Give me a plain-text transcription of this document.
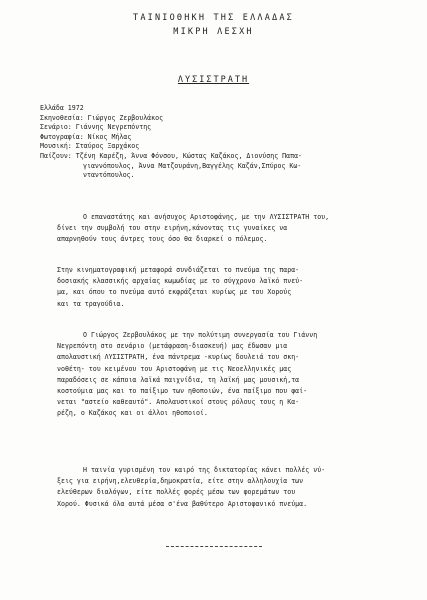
ΤΑΙΝΙΟΘΗΚΗ ΤΗΣ ΕΛΛΑΔΑΣ
ΜΙΚΡΗ ΛΕΣΧΗ
ΛΥΣΙΣΤΡΑΤΗ
Ελλάδα 1972
Σκηνοθεσία: Γιώργος Ζερβουλάκος
Σενάριο: Γιάννης Νεγρεπόντης
Φωτογραφία: Νίκος Μήλας
Μουσική: Σταύρος Ξαρχάκος
Παίζουν: Τζένη Καρέζη, Άννα Φόνσου, Κώστας Καζάκος, Διονύσης Παπα-
γιαννόπουλος, Άννα Ματζουράνη,Βαγγέλης Καζάν,Σπύρος Κω-
νταντόπουλος.
Ο επαναστάτης και ανήσυχος Αριστοφάνης, με την ΛΥΣΙΣΤΡΑΤΗ του,
δίνει την συμβολή του στην ειρήνη,κάνοντας τις γυναίκες να
απαρνηθούν τους άντρες τους όσο θα διαρκεί ο πόλεμος.
Στην κινηματογραφική μεταφορά συνδιάζεται το πνεύμα της παρα-
δοσιακής κλασσικής αρχαίας κωμωδίας με το σύγχρονο λαϊκό πνεύ-
μα, και όπου το πνεύμα αυτό εκφράζεται κυρίως με του Χορούς
και τα τραγούδια.
Ο Γιώργος Ζερβουλάκος με την πολύτιμη συνεργασία του Γιάννη
Νεγρεπόντη στο σενάριο (μετάφραση-διασκευή) μας έδωσαν μια
απολαυστική ΛΥΣΙΣΤΡΑΤΗ, ένα πάντρεμα -κυρίως δουλειά του σκη-
νοθέτη- του κειμένου του Αριστοφάνη με τις Νεοελληνικές μας
παραδόσεις σε κάποια λαϊκά παιχνίδια, τη λαϊκή μας μουσική,τα
κοστούμια μας και το παίξιμο των ηθοποιών, ένα παίξιμο που φαί-
νεται "αστείο καθεαυτό". Απολαυστικοί στους ρόλους τους η Κα-
ρέζη, ο Καζάκος και οι άλλοι ηθοποιοί.
Η ταινία γυρισμένη τον καιρό της δικτατορίας κάνει πολλές νύ-
ξεις για ειρήνη,ελευθερία,δημοκρατία, είτε στην αλληλουχία των
ελεύθερων διαλόγων, είτε πολλές φορές μέσω των φορεμάτων του
Χορού. Φυσικά όλα αυτά μέσα σ'ένα βαθύτερο Αριστοφανικό πνεύμα.
